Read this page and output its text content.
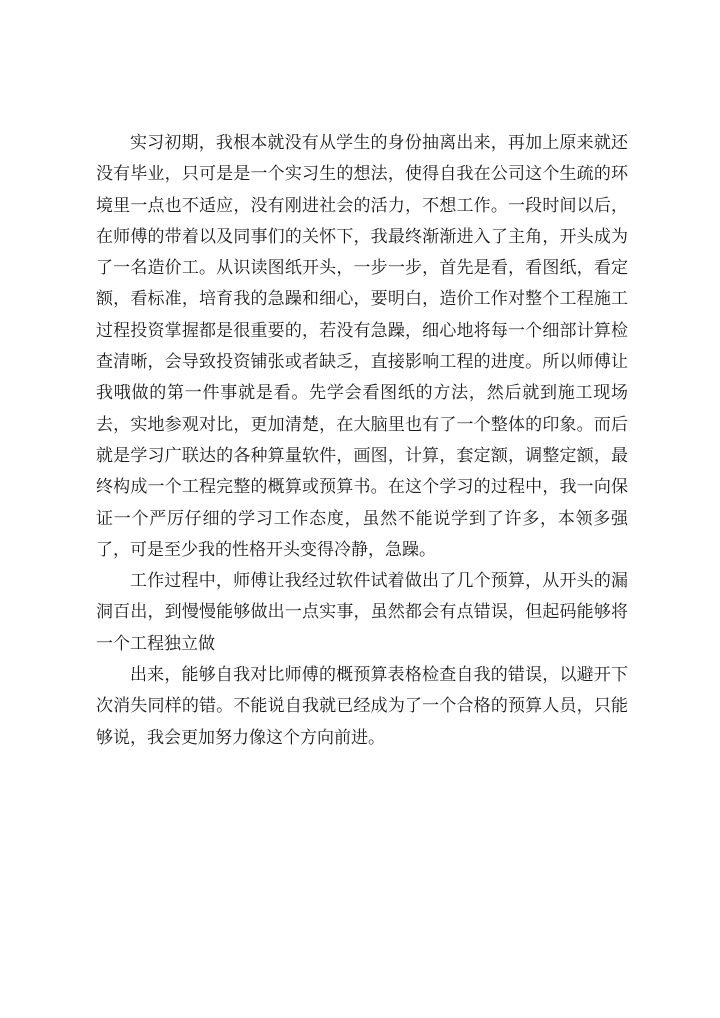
实习初期，我根本就没有从学生的身份抽离出来，再加上原来就还没有毕业，只可是是一个实习生的想法，使得自我在公司这个生疏的环境里一点也不适应，没有刚进社会的活力，不想工作。一段时间以后，在师傅的带着以及同事们的关怀下，我最终渐渐进入了主角，开头成为了一名造价工。从识读图纸开头，一步一步，首先是看，看图纸，看定额，看标准，培育我的急躁和细心，要明白，造价工作对整个工程施工过程投资掌握都是很重要的，若没有急躁，细心地将每一个细部计算检查清晰，会导致投资铺张或者缺乏，直接影响工程的进度。所以师傅让我哦做的第一件事就是看。先学会看图纸的方法，然后就到施工现场去，实地参观对比，更加清楚，在大脑里也有了一个整体的印象。而后就是学习广联达的各种算量软件，画图，计算，套定额，调整定额，最终构成一个工程完整的概算或预算书。在这个学习的过程中，我一向保证一个严厉仔细的学习工作态度，虽然不能说学到了许多，本领多强了，可是至少我的性格开头变得冷静，急躁。

工作过程中，师傅让我经过软件试着做出了几个预算，从开头的漏洞百出，到慢慢能够做出一点实事，虽然都会有点错误，但起码能够将一个工程独立做

出来，能够自我对比师傅的概预算表格检查自我的错误，以避开下次消失同样的错。不能说自我就已经成为了一个合格的预算人员，只能够说，我会更加努力像这个方向前进。
